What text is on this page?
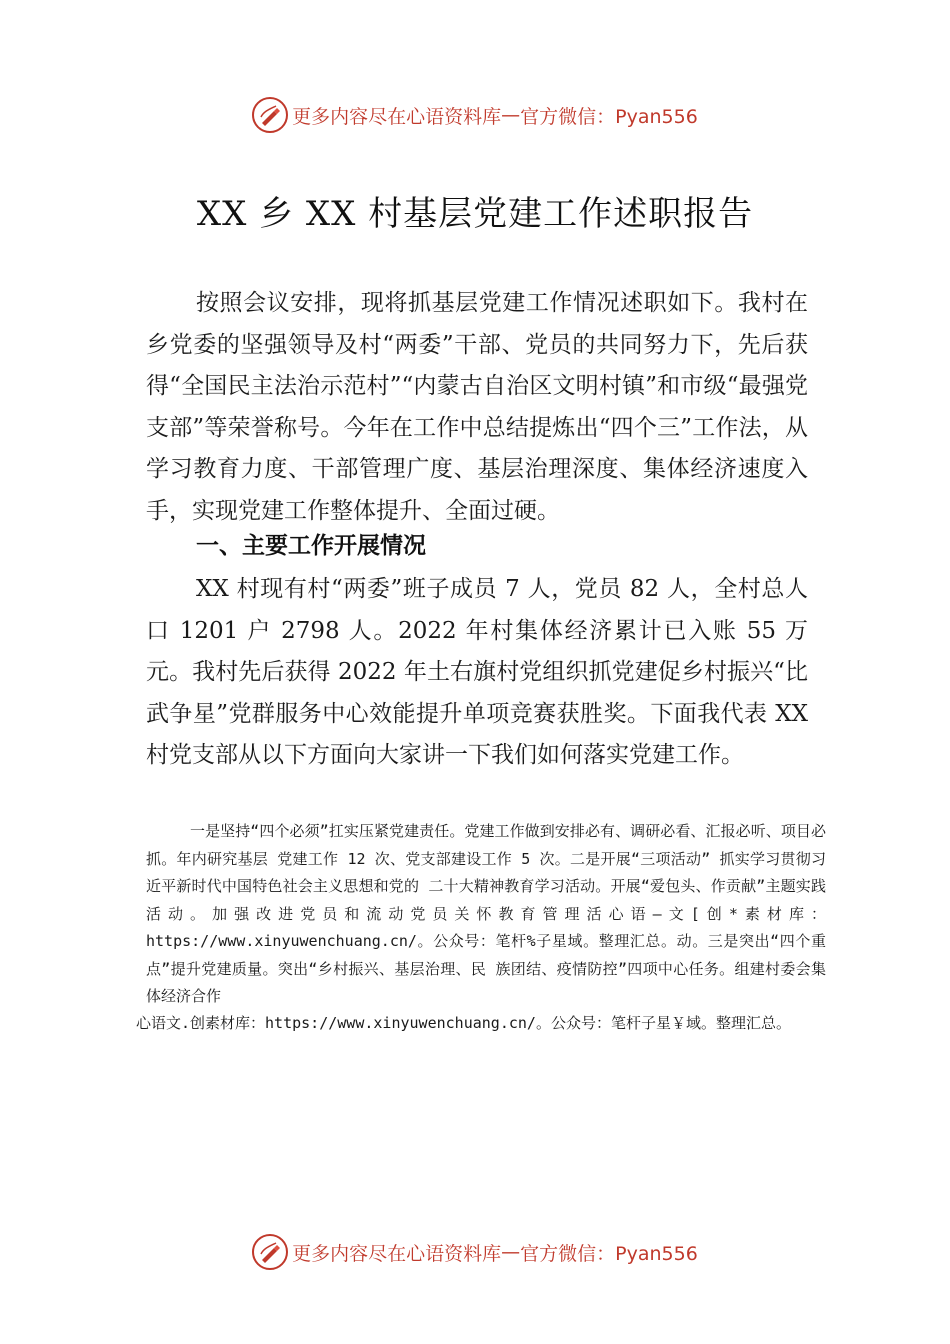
更多内容尽在心语资料库 — 官方微信：Pyan556
XX 乡 XX 村基层党建工作述职报告

按照会议安排，现将抓基层党建工作情况述职如下。我村在乡党委的坚强领导及村“两委”干部、党员的共同努力下，先后获得“全国民主法治示范村”“内蒙古自治区文明村镇”和市级“最强党支部”等荣誉称号。今年在工作中总结提炼出“四个三”工作法，从学习教育力度、干部管理广度、基层治理深度、集体经济速度入手，实现党建工作整体提升、全面过硬。

一、主要工作开展情况

XX 村现有村“两委”班子成员 7 人，党员 82 人，全村总人口 1201 户 2798 人。2022 年村集体经济累计已入账 55 万元。我村先后获得 2022 年土右旗村党组织抓党建促乡村振兴“比武争星”党群服务中心效能提升单项竞赛获胜奖。下面我代表 XX 村党支部从以下方面向大家讲一下我们如何落实党建工作。

一是坚持“四个必须”扛实压紧党建责任。党建工作做到安排必有、调研必看、汇报必听、项目必抓。年内研究基层 党建工作 12 次、党支部建设工作 5 次。二是开展“三项活动” 抓实学习贯彻习近平新时代中国特色社会主义思想和党的 二十大精神教育学习活动。开展“爱包头、作贡献”主题实践活动。加强改进党员和流动党员关怀教育管理活心语—文[创*素材库：https://www.xinyuwenchuang.cn/。公众号：笔杆%子星域。整理汇总。动。三是突出“四个重点”提升党建质量。突出“乡村振兴、基层治理、民 族团结、疫情防控”四项中心任务。组建村委会集体经济合作

心语文.创素材库：https://www.xinyuwenchuang.cn/。公众号：笔杆子星￥域。整理汇总。

更多内容尽在心语资料库 — 官方微信：Pyan556
